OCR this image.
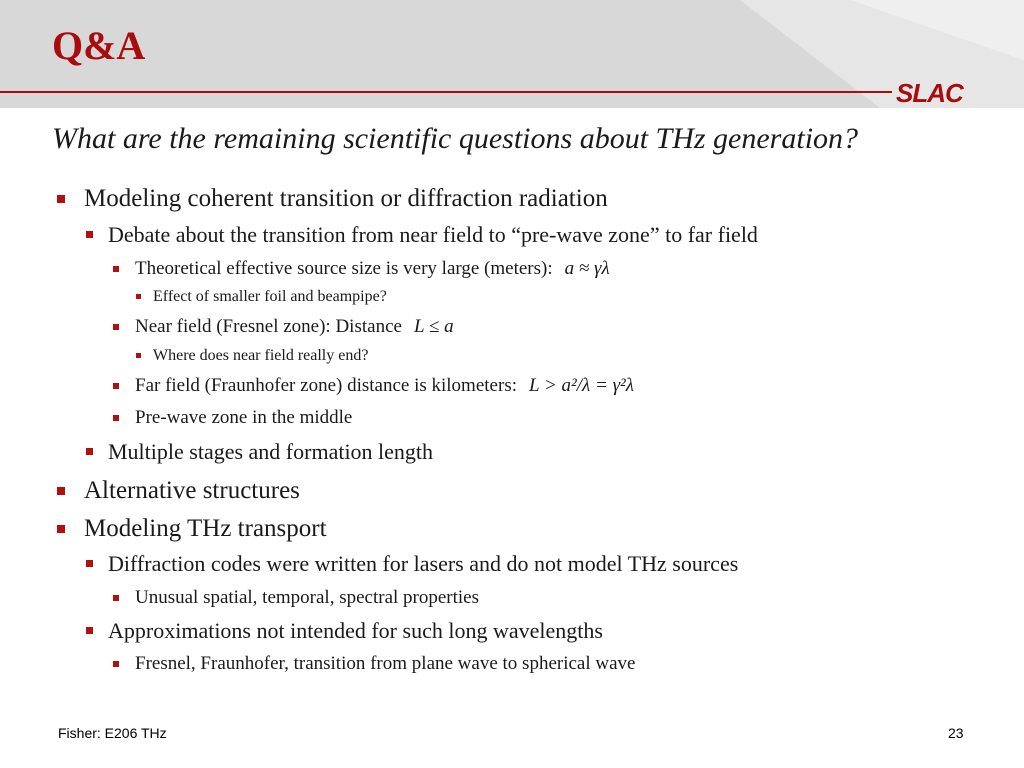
Q&A
SLAC
What are the remaining scientific questions about THz generation?
Modeling coherent transition or diffraction radiation
Debate about the transition from near field to “pre-wave zone” to far field
Theoretical effective source size is very large (meters): a ≈ γλ
Effect of smaller foil and beampipe?
Near field (Fresnel zone): Distance L ≤ a
Where does near field really end?
Far field (Fraunhofer zone) distance is kilometers: L > a²/λ = γ²λ
Pre-wave zone in the middle
Multiple stages and formation length
Alternative structures
Modeling THz transport
Diffraction codes were written for lasers and do not model THz sources
Unusual spatial, temporal, spectral properties
Approximations not intended for such long wavelengths
Fresnel, Fraunhofer, transition from plane wave to spherical wave
Fisher: E206 THz	23
